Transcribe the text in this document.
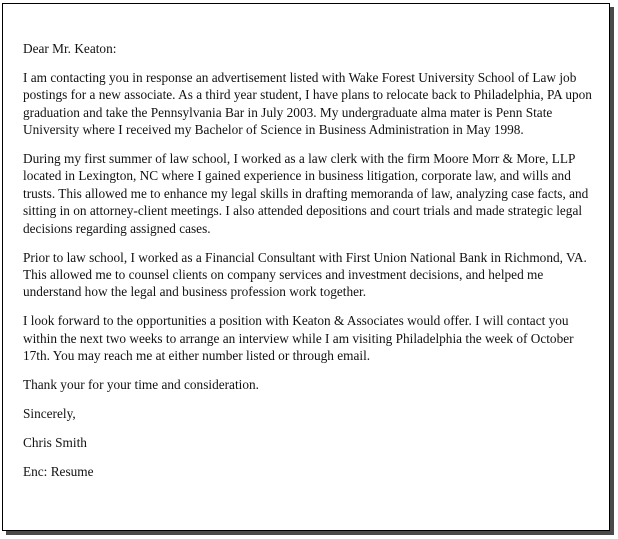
Dear Mr. Keaton:

I am contacting you in response an advertisement listed with Wake Forest University School of Law job postings for a new associate. As a third year student, I have plans to relocate back to Philadelphia, PA upon graduation and take the Pennsylvania Bar in July 2003. My undergraduate alma mater is Penn State University where I received my Bachelor of Science in Business Administration in May 1998.

During my first summer of law school, I worked as a law clerk with the firm Moore Morr & More, LLP located in Lexington, NC where I gained experience in business litigation, corporate law, and wills and trusts. This allowed me to enhance my legal skills in drafting memoranda of law, analyzing case facts, and sitting in on attorney-client meetings. I also attended depositions and court trials and made strategic legal decisions regarding assigned cases.

Prior to law school, I worked as a Financial Consultant with First Union National Bank in Richmond, VA. This allowed me to counsel clients on company services and investment decisions, and helped me understand how the legal and business profession work together.

I look forward to the opportunities a position with Keaton & Associates would offer. I will contact you within the next two weeks to arrange an interview while I am visiting Philadelphia the week of October 17th. You may reach me at either number listed or through email.

Thank your for your time and consideration.

Sincerely,

Chris Smith

Enc: Resume
